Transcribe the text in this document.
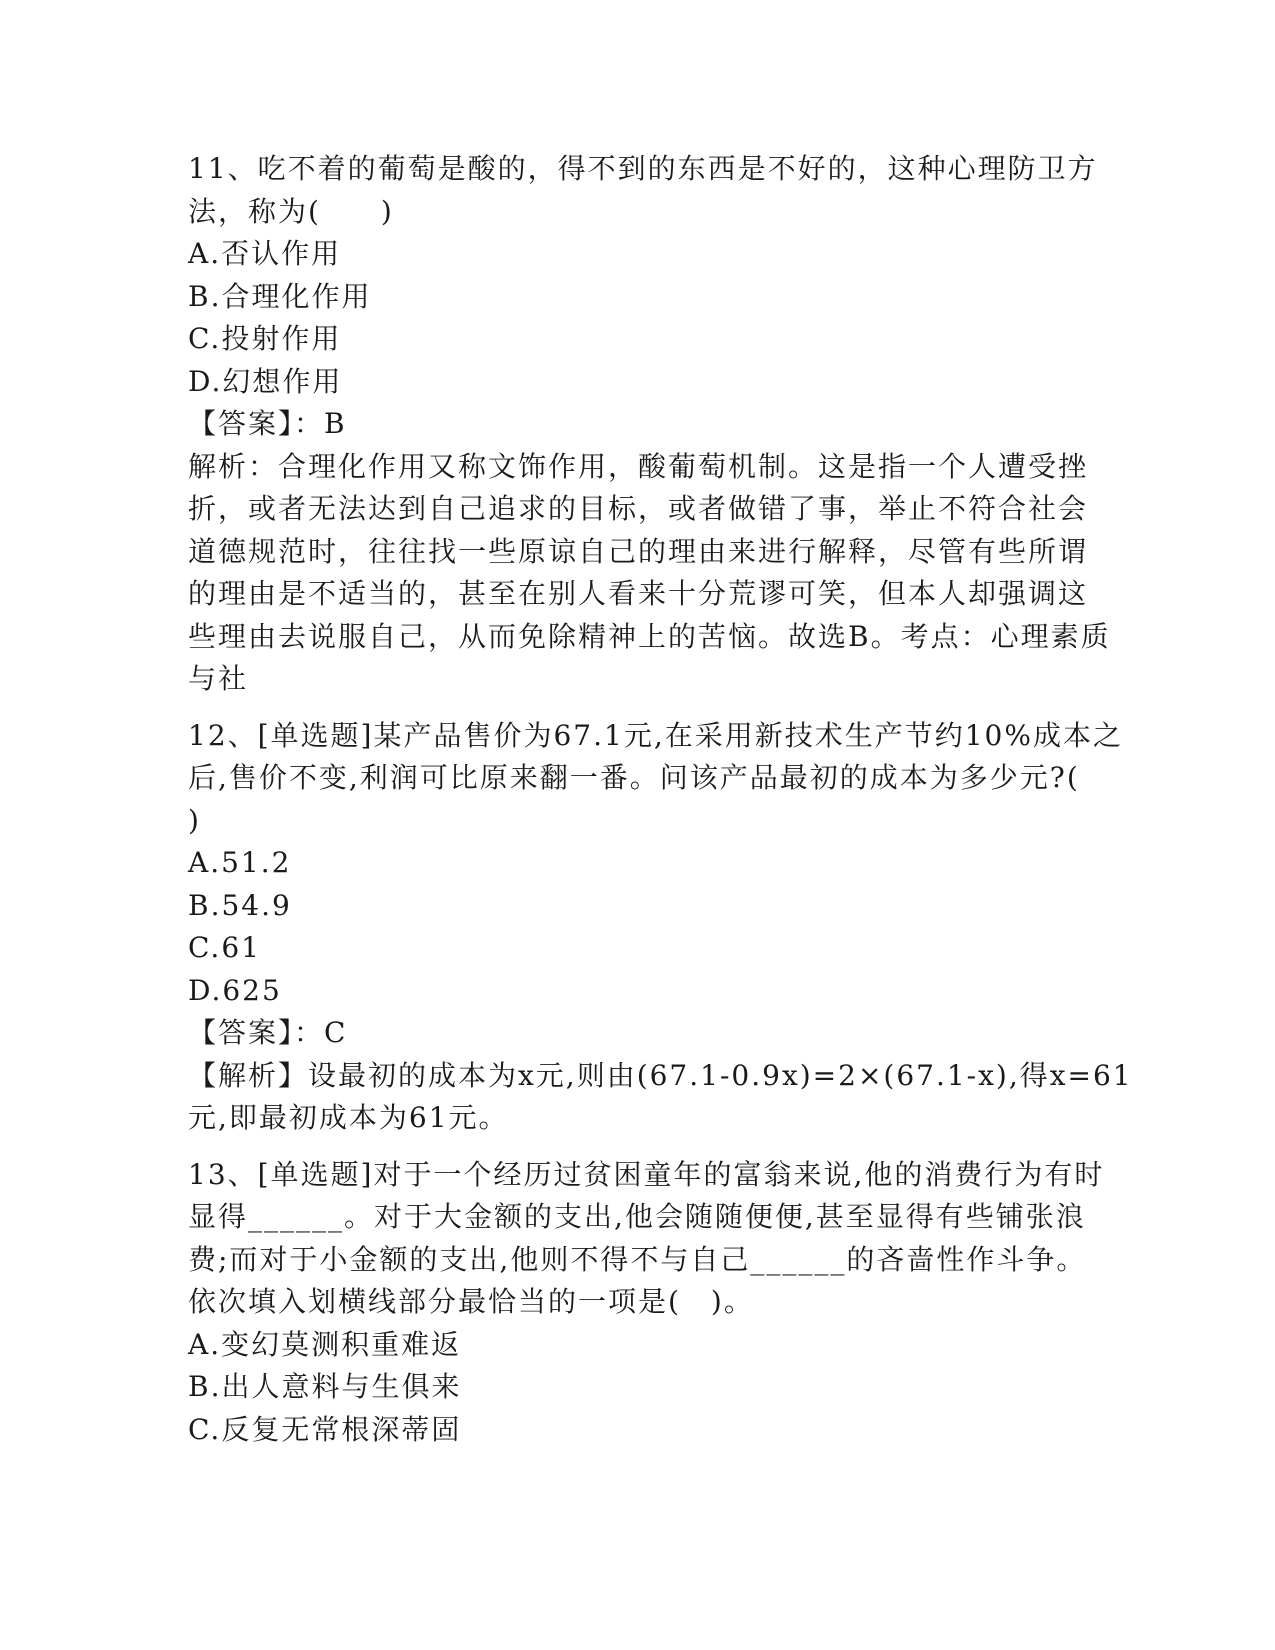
11、吃不着的葡萄是酸的，得不到的东西是不好的，这种心理防卫方

法，称为(　　)

A.否认作用

B.合理化作用

C.投射作用

D.幻想作用

【答案】：B

解析：合理化作用又称文饰作用，酸葡萄机制。这是指一个人遭受挫

折，或者无法达到自己追求的目标，或者做错了事，举止不符合社会

道德规范时，往往找一些原谅自己的理由来进行解释，尽管有些所谓

的理由是不适当的，甚至在别人看来十分荒谬可笑，但本人却强调这

些理由去说服自己，从而免除精神上的苦恼。故选B。考点：心理素质

与社

12、[单选题]某产品售价为67.1元,在采用新技术生产节约10%成本之

后,售价不变,利润可比原来翻一番。问该产品最初的成本为多少元?(

)

A.51.2

B.54.9

C.61

D.625

【答案】：C

【解析】设最初的成本为x元,则由(67.1-0.9x)=2×(67.1-x),得x=61

元,即最初成本为61元。

13、[单选题]对于一个经历过贫困童年的富翁来说,他的消费行为有时

显得______。对于大金额的支出,他会随随便便,甚至显得有些铺张浪

费;而对于小金额的支出,他则不得不与自己______的吝啬性作斗争。

依次填入划横线部分最恰当的一项是(　)。

A.变幻莫测积重难返

B.出人意料与生俱来

C.反复无常根深蒂固
